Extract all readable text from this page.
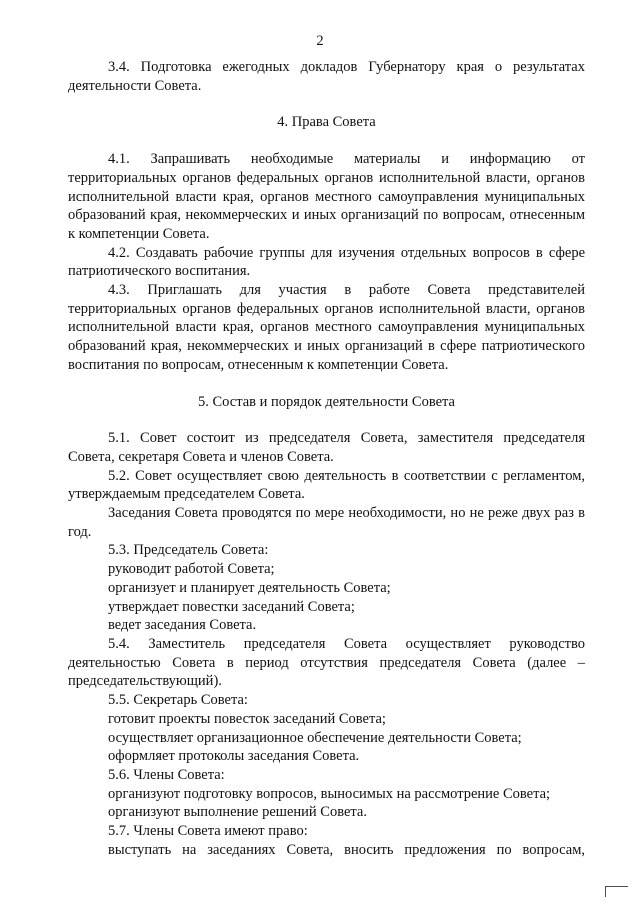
2

3.4. Подготовка ежегодных докладов Губернатору края о результатах деятельности Совета.

4. Права Совета

4.1. Запрашивать необходимые материалы и информацию от территориальных органов федеральных органов исполнительной власти, органов исполнительной власти края, органов местного самоуправления муниципальных образований края, некоммерческих и иных организаций по вопросам, отнесенным к компетенции Совета.

4.2. Создавать рабочие группы для изучения отдельных вопросов в сфере патриотического воспитания.

4.3. Приглашать для участия в работе Совета представителей территориальных органов федеральных органов исполнительной власти, органов исполнительной власти края, органов местного самоуправления муниципальных образований края, некоммерческих и иных организаций в сфере патриотического воспитания по вопросам, отнесенным к компетенции Совета.

5. Состав и порядок деятельности Совета

5.1. Совет состоит из председателя Совета, заместителя председателя Совета, секретаря Совета и членов Совета.

5.2. Совет осуществляет свою деятельность в соответствии с регламентом, утверждаемым председателем Совета.

Заседания Совета проводятся по мере необходимости, но не реже двух раз в год.

5.3. Председатель Совета:

руководит работой Совета;

организует и планирует деятельность Совета;

утверждает повестки заседаний Совета;

ведет заседания Совета.

5.4. Заместитель председателя Совета осуществляет руководство деятельностью Совета в период отсутствия председателя Совета (далее – председательствующий).

5.5. Секретарь Совета:

готовит проекты повесток заседаний Совета;

осуществляет организационное обеспечение деятельности Совета;

оформляет протоколы заседания Совета.

5.6. Члены Совета:

организуют подготовку вопросов, выносимых на рассмотрение Совета;

организуют выполнение решений Совета.

5.7. Члены Совета имеют право:

выступать на заседаниях Совета, вносить предложения по вопросам,
